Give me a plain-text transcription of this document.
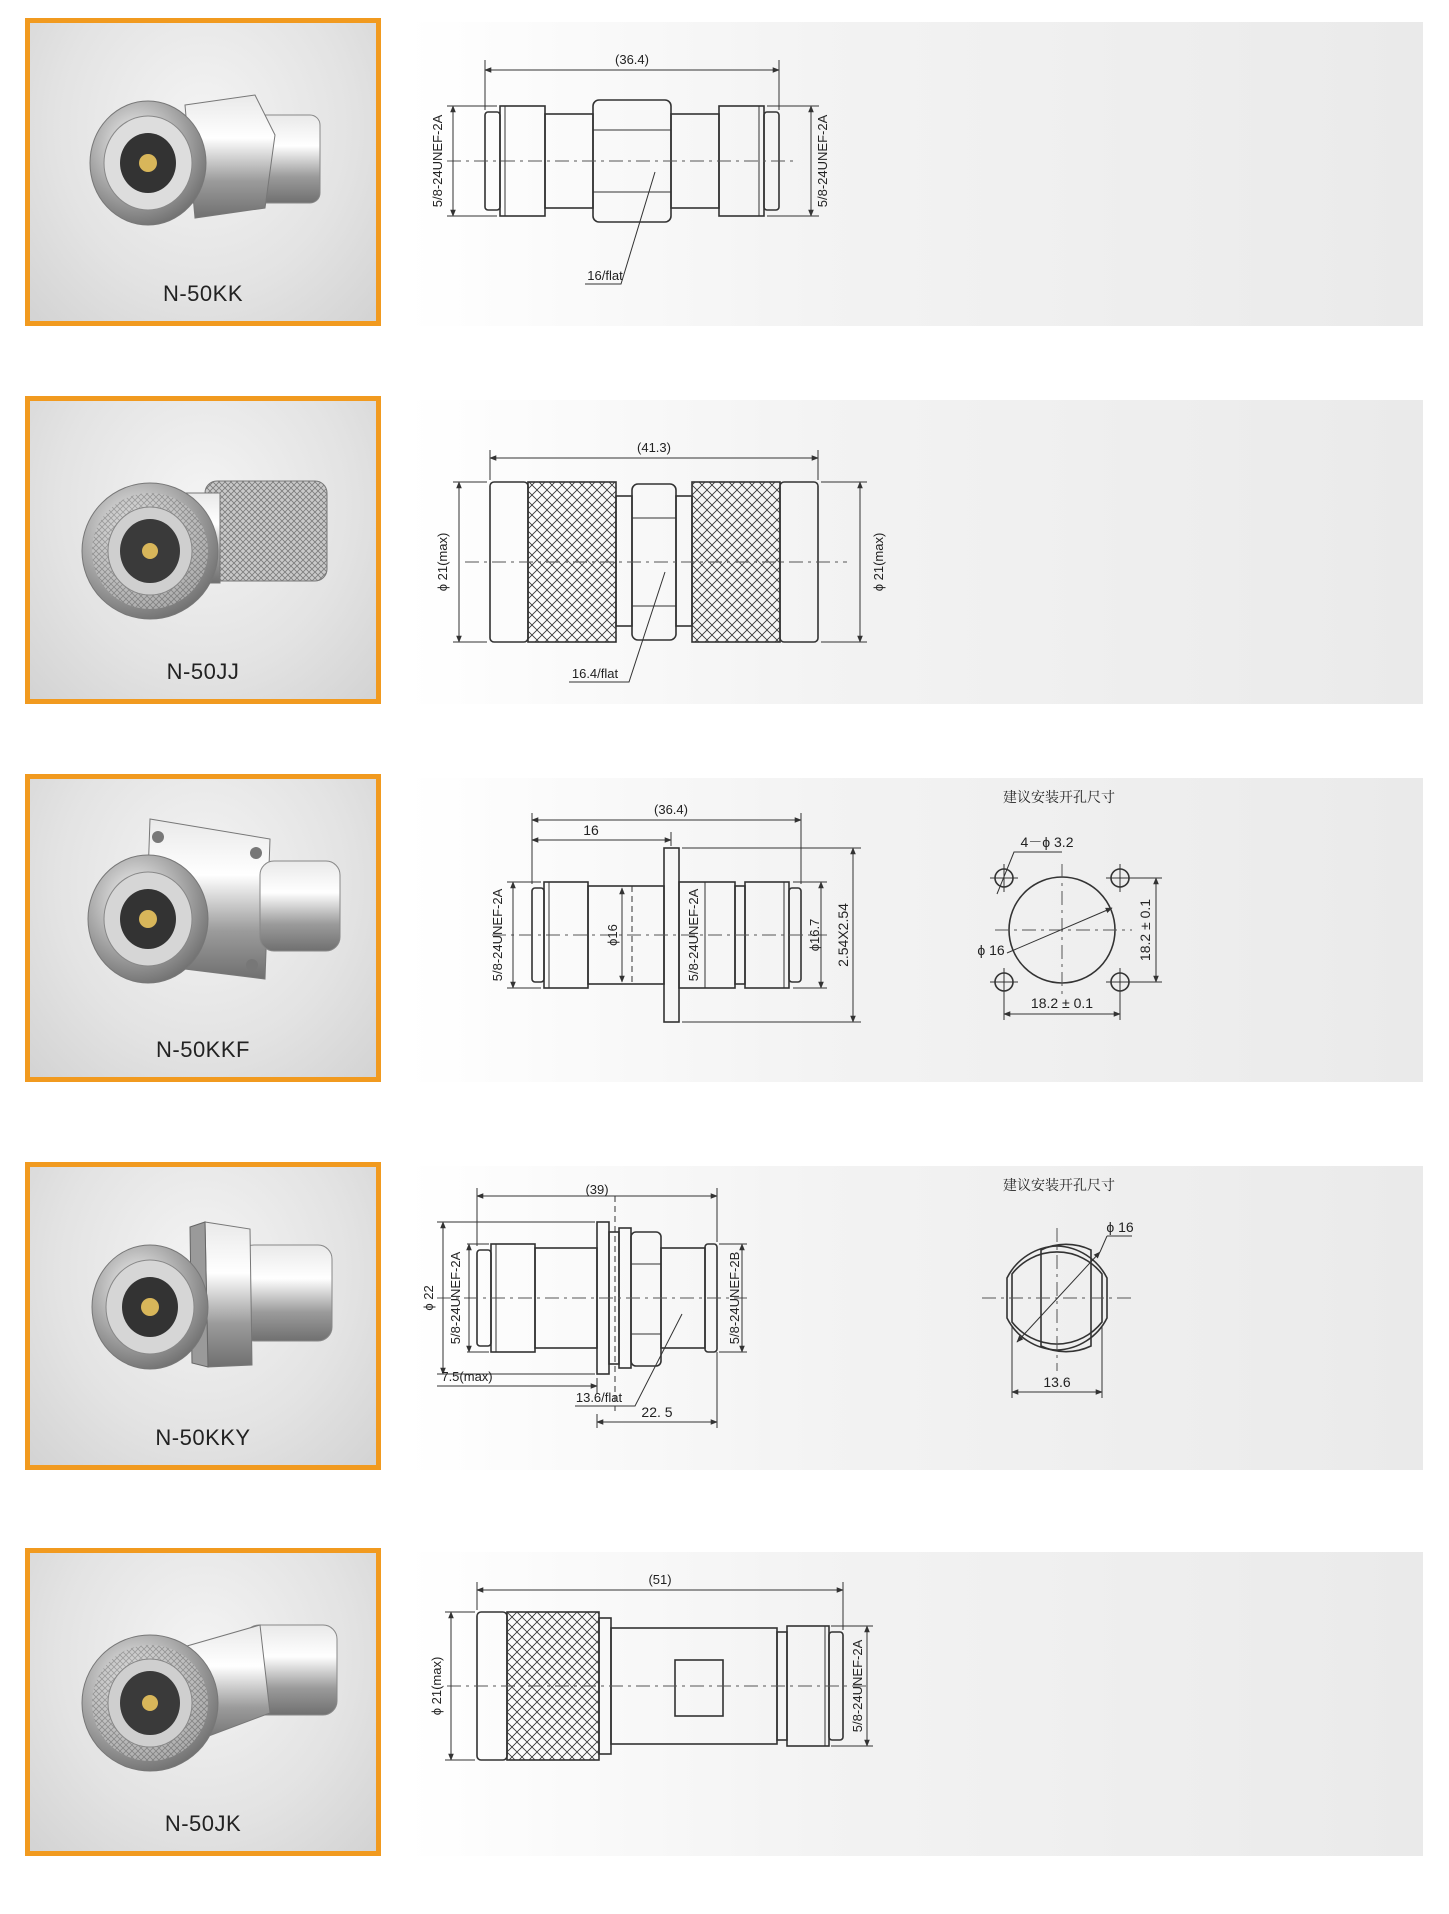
N-50KK
(36.4)
5/8-24UNEF-2A	5/8-24UNEF-2A
16/flat
N-50JJ
(41.3)
ϕ 21(max)	ϕ 21(max)
16.4/flat
N-50KKF
(36.4)
16
5/8-24UNEF-2A	ϕ16	5/8-24UNEF-2A	ϕ16.7 2.54X2.54
建议安装开孔尺寸
4－ϕ 3.2
ϕ 16
18.2 ± 0.1
18.2 ± 0.1
N-50KKY
(39)
ϕ 22 5/8-24UNEF-2A	5/8-24UNEF-2B
7.5(max)
13.6/flat
22. 5
建议安装开孔尺寸
ϕ 16
13.6
N-50JK
(51)
ϕ 21(max)	5/8-24UNEF-2A
